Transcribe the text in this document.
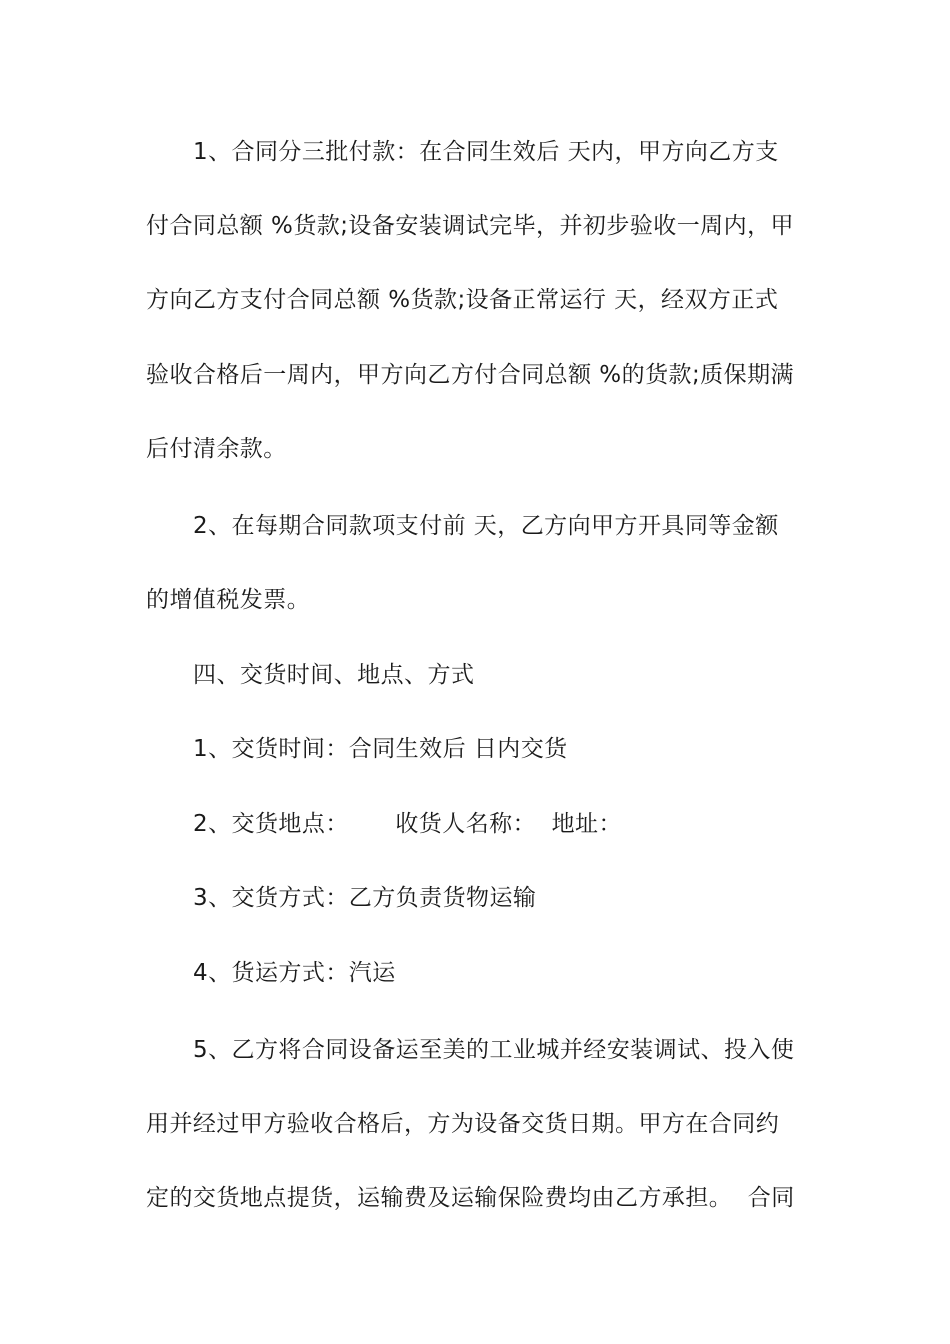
1、合同分三批付款：在合同生效后 天内，甲方向乙方支
付合同总额 %货款;设备安装调试完毕，并初步验收一周内，甲
方向乙方支付合同总额 %货款;设备正常运行 天，经双方正式
验收合格后一周内，甲方向乙方付合同总额 %的货款;质保期满
后付清余款。
2、在每期合同款项支付前 天，乙方向甲方开具同等金额
的增值税发票。
四、交货时间、地点、方式
1、交货时间：合同生效后 日内交货
2、交货地点：      收货人名称：  地址：
3、交货方式：乙方负责货物运输
4、货运方式：汽运
5、乙方将合同设备运至美的工业城并经安装调试、投入使
用并经过甲方验收合格后，方为设备交货日期。甲方在合同约
定的交货地点提货，运输费及运输保险费均由乙方承担。  合同
